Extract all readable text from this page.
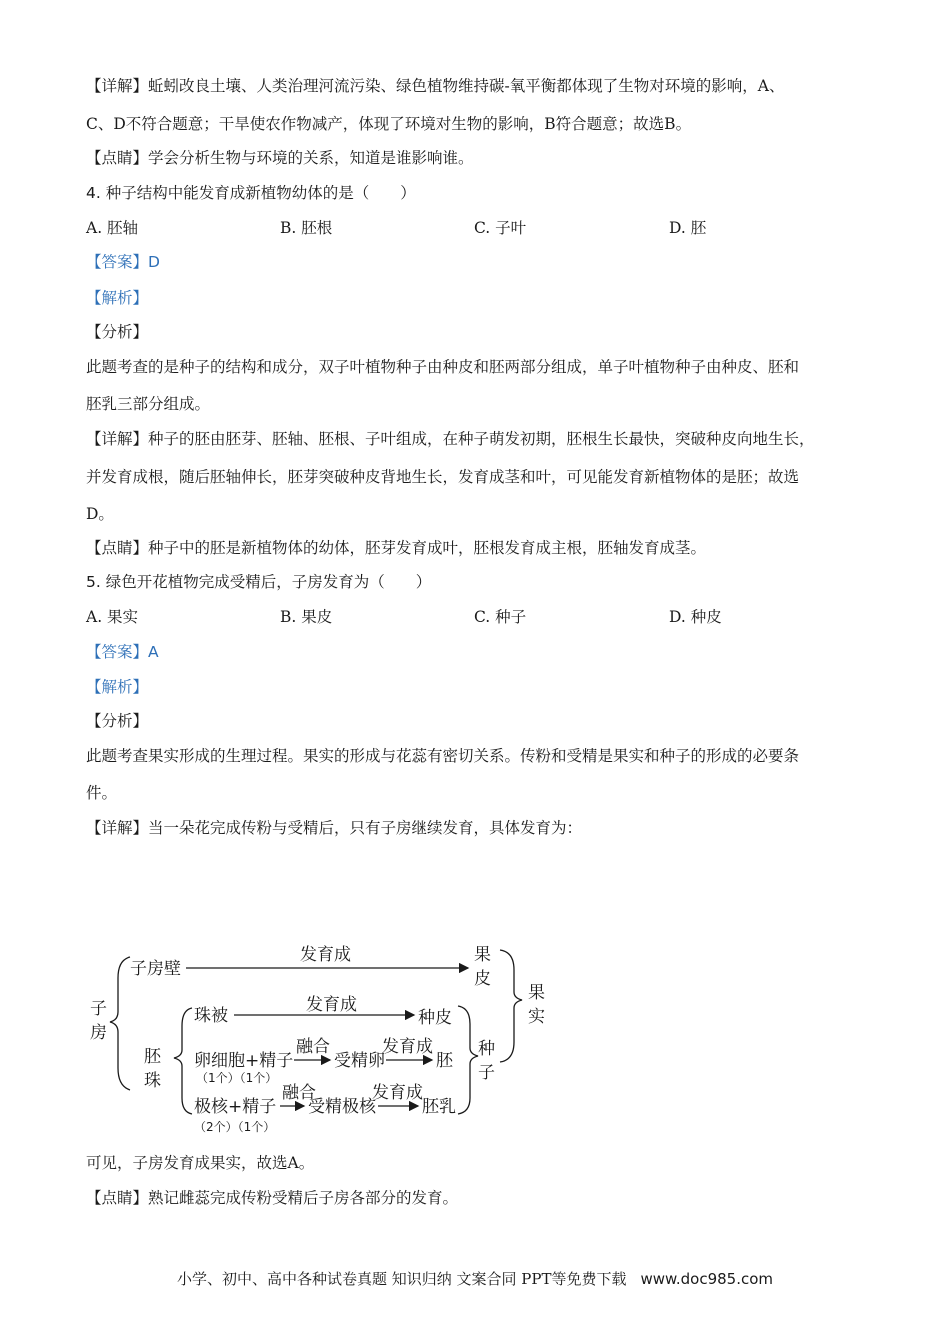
【详解】蚯蚓改良土壤、人类治理河流污染、绿色植物维持碳-氧平衡都体现了生物对环境的影响，A、
C、D不符合题意；干旱使农作物减产，体现了环境对生物的影响，B符合题意；故选B。
【点睛】学会分析生物与环境的关系，知道是谁影响谁。
4. 种子结构中能发育成新植物幼体的是（　　）
A. 胚轴	B. 胚根	C. 子叶	D. 胚
【答案】D
【解析】
【分析】
此题考查的是种子的结构和成分，双子叶植物种子由种皮和胚两部分组成，单子叶植物种子由种皮、胚和
胚乳三部分组成。
【详解】种子的胚由胚芽、胚轴、胚根、子叶组成，在种子萌发初期，胚根生长最快，突破种皮向地生长，
并发育成根，随后胚轴伸长，胚芽突破种皮背地生长，发育成茎和叶，可见能发育新植物体的是胚；故选
D。
【点睛】种子中的胚是新植物体的幼体，胚芽发育成叶，胚根发育成主根，胚轴发育成茎。
5. 绿色开花植物完成受精后，子房发育为（　　）
A. 果实	B. 果皮	C. 种子	D. 种皮
【答案】A
【解析】
【分析】
此题考查果实形成的生理过程。果实的形成与花蕊有密切关系。传粉和受精是果实和种子的形成的必要条
件。
【详解】当一朵花完成传粉与受精后，只有子房继续发育，具体发育为：
子
房
子房壁
发育成	果
皮
果
实
胚
珠
珠被
发育成
种皮
卵细胞+精子
（1个）（1个）
融合
受精卵
发育成
胚
种
子
极核+精子
（2个）（1个）
融合
受精极核
发育成
胚乳
可见，子房发育成果实，故选A。
【点睛】熟记雌蕊完成传粉受精后子房各部分的发育。
小学、初中、高中各种试卷真题 知识归纳 文案合同 PPT等免费下载 www.doc985.com
